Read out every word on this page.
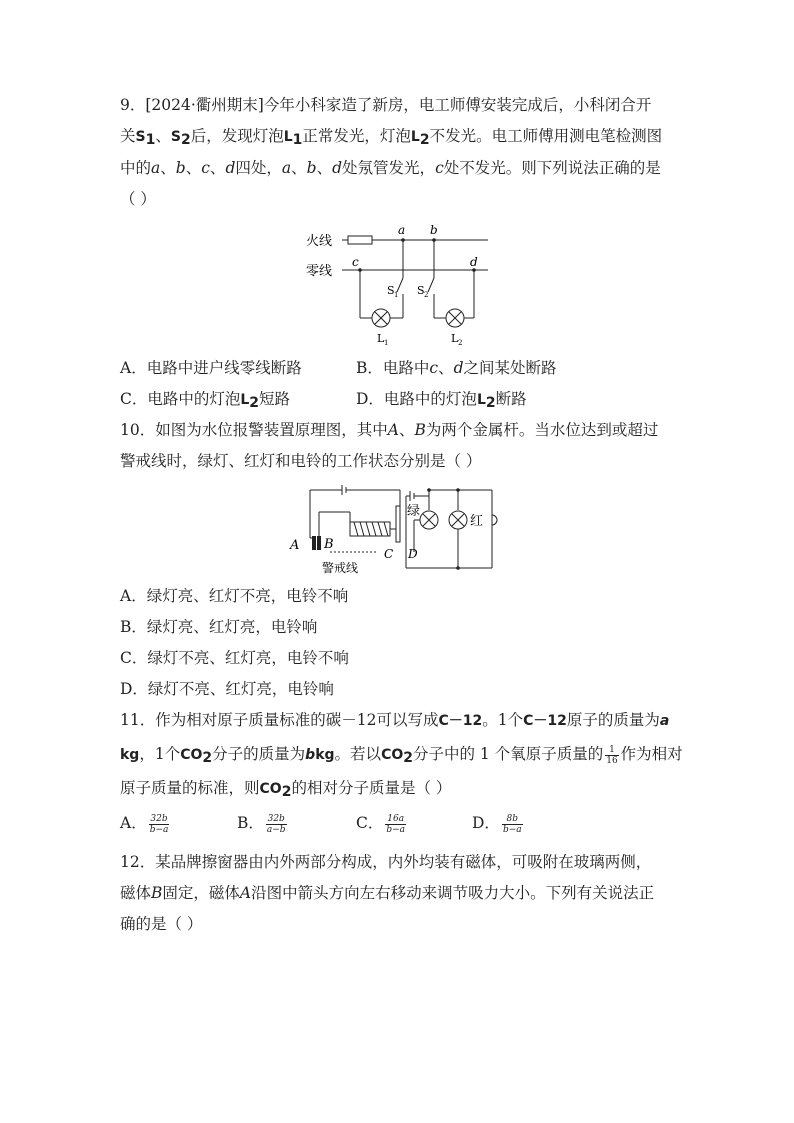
9．[2024·衢州期末]今年小科家造了新房，电工师傅安装完成后，小科闭合开
关$S_1$、$S_2$后，发现灯泡$L_1$正常发光，灯泡$L_2$不发光。电工师傅用测电笔检测图
中的a、b、c、d四处，a、b、d处氖管发光，c处不发光。则下列说法正确的是
（ ）
火线
零线
a b
c	d
S 1 S 2
L 1	L 2
A．电路中进户线零线断路	B．电路中c、d之间某处断路
C．电路中的灯泡$L_2$短路	D．电路中的灯泡$L_2$断路
10．如图为水位报警装置原理图，其中A、B为两个金属杆。当水位达到或超过
警戒线时，绿灯、红灯和电铃的工作状态分别是（ ）
A B
C D
绿
红
警戒线
A．绿灯亮、红灯不亮，电铃不响
B．绿灯亮、红灯亮，电铃响
C．绿灯不亮、红灯亮，电铃不响
D．绿灯不亮、红灯亮，电铃响
11．作为相对原子质量标准的碳－12可以写成C－12。1个C－12原子的质量为a
kg，1个$CO_2$分子的质量为bkg。若以$CO_2$分子中的 1 个氧原子质量的 $\frac{1}{16}$ 作为相对
原子质量的标准，则$CO_2$的相对分子质量是（ ）
A． $\frac{32b}{b-a}$	B． $\frac{32b}{a-b}$	C． $\frac{16a}{b-a}$	D． $\frac{8b}{b-a}$
12．某品牌擦窗器由内外两部分构成，内外均装有磁体，可吸附在玻璃两侧，
磁体B固定，磁体A沿图中箭头方向左右移动来调节吸力大小。下列有关说法正
确的是（ ）
